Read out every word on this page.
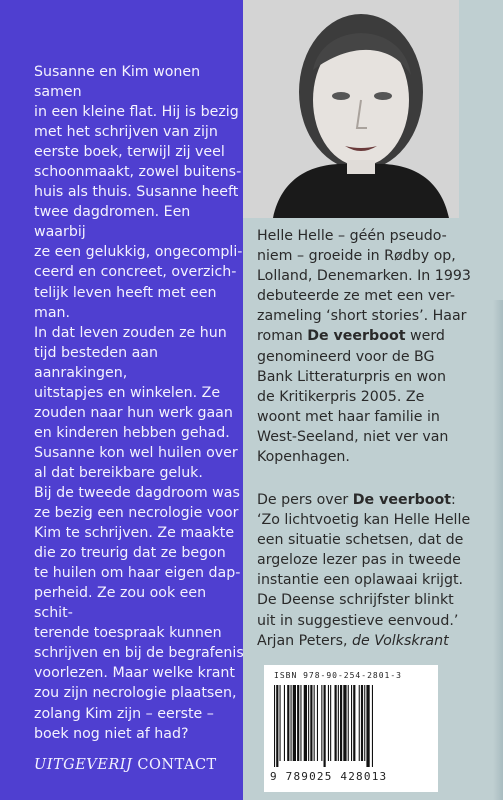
Susanne en Kim wonen samen

in een kleine flat. Hij is bezig

met het schrijven van zijn

eerste boek, terwijl zij veel

schoonmaakt, zowel buitens-

huis als thuis. Susanne heeft

twee dagdromen. Een waarbij

ze een gelukkig, ongecompli-

ceerd en concreet, overzich-

telijk leven heeft met een man.

In dat leven zouden ze hun

tijd besteden aan aanrakingen,

uitstapjes en winkelen. Ze

zouden naar hun werk gaan

en kinderen hebben gehad.

Susanne kon wel huilen over

al dat bereikbare geluk.

Bij de tweede dagdroom was

ze bezig een necrologie voor

Kim te schrijven. Ze maakte

die zo treurig dat ze begon

te huilen om haar eigen dap-

perheid. Ze zou ook een schit-

terende toespraak kunnen

schrijven en bij de begrafenis

voorlezen. Maar welke krant

zou zijn necrologie plaatsen,

zolang Kim zijn – eerste –

boek nog niet af had?

UITGEVERIJ CONTACT

Helle Helle – géén pseudo-

niem – groeide in Rødby op,

Lolland, Denemarken. In 1993

debuteerde ze met een ver-

zameling ‘short stories’. Haar

roman De veerboot werd

genomineerd voor de BG

Bank Litteraturpris en won

de Kritikerpris 2005. Ze

woont met haar familie in

West-Seeland, niet ver van

Kopenhagen.

De pers over De veerboot:

‘Zo lichtvoetig kan Helle Helle

een situatie schetsen, dat de

argeloze lezer pas in tweede

instantie een oplawaai krijgt.

De Deense schrijfster blinkt

uit in suggestieve eenvoud.’

Arjan Peters, de Volkskrant

ISBN 978-90-254-2801-3
9 789025 428013
